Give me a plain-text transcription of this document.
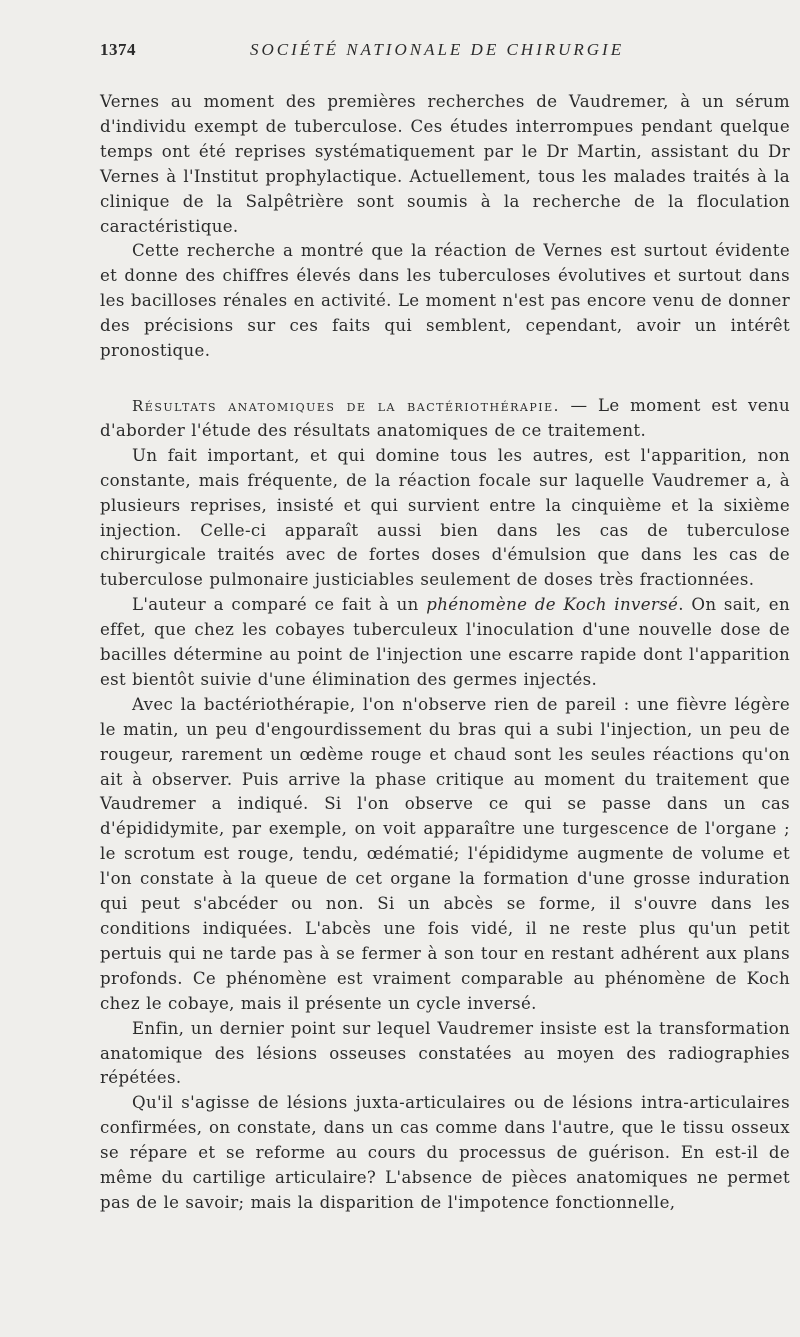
1374	SOCIÉTÉ NATIONALE DE CHIRURGIE

Vernes au moment des premières recherches de Vaudremer, à un sérum d'individu exempt de tuberculose. Ces études interrompues pendant quelque temps ont été reprises systématiquement par le Dr Martin, assistant du Dr Vernes à l'Institut prophylactique. Actuellement, tous les malades traités à la clinique de la Salpêtrière sont soumis à la recherche de la floculation caractéristique.

Cette recherche a montré que la réaction de Vernes est surtout évidente et donne des chiffres élevés dans les tuberculoses évolutives et surtout dans les bacilloses rénales en activité. Le moment n'est pas encore venu de donner des précisions sur ces faits qui semblent, cependant, avoir un intérêt pronostique.

Résultats anatomiques de la bactériothérapie. — Le moment est venu d'aborder l'étude des résultats anatomiques de ce traitement.

Un fait important, et qui domine tous les autres, est l'apparition, non constante, mais fréquente, de la réaction focale sur laquelle Vaudremer a, à plusieurs reprises, insisté et qui survient entre la cinquième et la sixième injection. Celle-ci apparaît aussi bien dans les cas de tuberculose chirurgicale traités avec de fortes doses d'émulsion que dans les cas de tuberculose pulmonaire justiciables seulement de doses très fractionnées.

L'auteur a comparé ce fait à un phénomène de Koch inversé. On sait, en effet, que chez les cobayes tuberculeux l'inoculation d'une nouvelle dose de bacilles détermine au point de l'injection une escarre rapide dont l'apparition est bientôt suivie d'une élimination des germes injectés.

Avec la bactériothérapie, l'on n'observe rien de pareil : une fièvre légère le matin, un peu d'engourdissement du bras qui a subi l'injection, un peu de rougeur, rarement un œdème rouge et chaud sont les seules réactions qu'on ait à observer. Puis arrive la phase critique au moment du traitement que Vaudremer a indiqué. Si l'on observe ce qui se passe dans un cas d'épididymite, par exemple, on voit apparaître une turgescence de l'organe ; le scrotum est rouge, tendu, œdématié; l'épididyme augmente de volume et l'on constate à la queue de cet organe la formation d'une grosse induration qui peut s'abcéder ou non. Si un abcès se forme, il s'ouvre dans les conditions indiquées. L'abcès une fois vidé, il ne reste plus qu'un petit pertuis qui ne tarde pas à se fermer à son tour en restant adhérent aux plans profonds. Ce phénomène est vraiment comparable au phénomène de Koch chez le cobaye, mais il présente un cycle inversé.

Enfin, un dernier point sur lequel Vaudremer insiste est la transformation anatomique des lésions osseuses constatées au moyen des radiographies répétées.

Qu'il s'agisse de lésions juxta-articulaires ou de lésions intra-articulaires confirmées, on constate, dans un cas comme dans l'autre, que le tissu osseux se répare et se reforme au cours du processus de guérison. En est-il de même du cartilige articulaire? L'absence de pièces anatomiques ne permet pas de le savoir; mais la disparition de l'impotence fonctionnelle,
